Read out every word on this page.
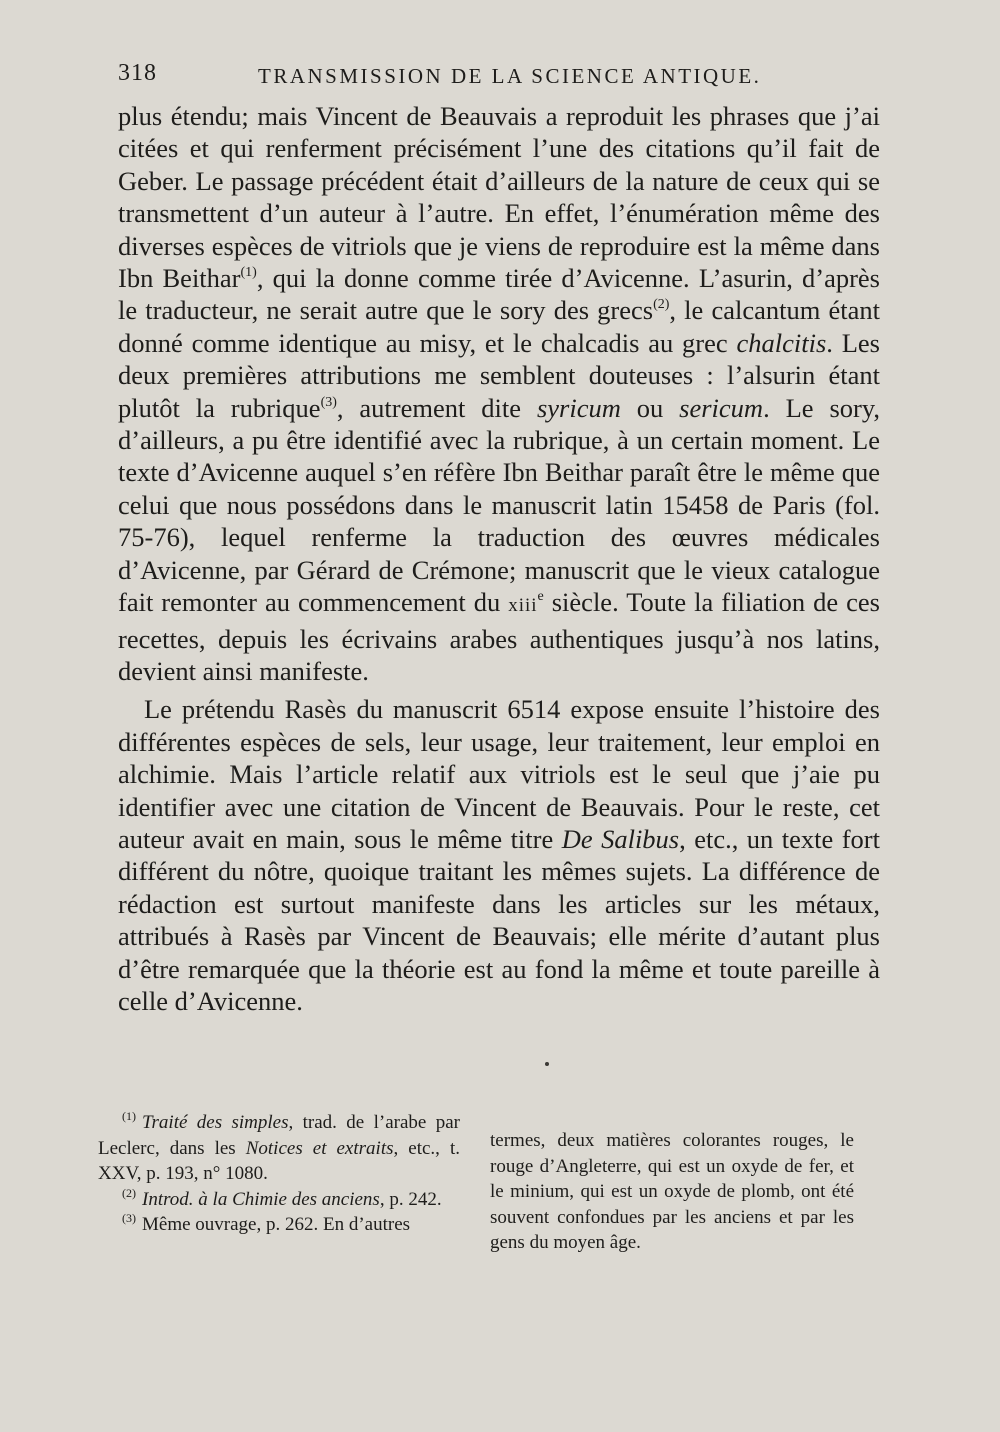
318	TRANSMISSION DE LA SCIENCE ANTIQUE.

plus étendu; mais Vincent de Beauvais a reproduit les phrases que j’ai citées et qui renferment précisément l’une des citations qu’il fait de Geber. Le passage précédent était d’ailleurs de la nature de ceux qui se transmettent d’un auteur à l’autre. En effet, l’énumération même des diverses espèces de vitriols que je viens de reproduire est la même dans Ibn Beithar$^{(1)}$, qui la donne comme tirée d’Avicenne. L’asurin, d’après le traducteur, ne serait autre que le sory des grecs$^{(2)}$, le calcantum étant donné comme identique au misy, et le chalcadis au grec chalcitis. Les deux premières attributions me semblent douteuses : l’alsurin étant plutôt la rubrique$^{(3)}$, autrement dite syricum ou sericum. Le sory, d’ailleurs, a pu être identifié avec la rubrique, à un certain moment. Le texte d’Avicenne auquel s’en réfère Ibn Beithar paraît être le même que celui que nous possédons dans le manuscrit latin 15458 de Paris (fol. 75-76), lequel renferme la traduction des œuvres médicales d’Avicenne, par Gérard de Crémone; manuscrit que le vieux catalogue fait remonter au commencement du xiii$^e$ siècle. Toute la filiation de ces recettes, depuis les écrivains arabes authentiques jusqu’à nos latins, devient ainsi manifeste.

Le prétendu Rasès du manuscrit 6514 expose ensuite l’histoire des différentes espèces de sels, leur usage, leur traitement, leur emploi en alchimie. Mais l’article relatif aux vitriols est le seul que j’aie pu identifier avec une citation de Vincent de Beauvais. Pour le reste, cet auteur avait en main, sous le même titre De Salibus, etc., un texte fort différent du nôtre, quoique traitant les mêmes sujets. La différence de rédaction est surtout manifeste dans les articles sur les métaux, attribués à Rasès par Vincent de Beauvais; elle mérite d’autant plus d’être remarquée que la théorie est au fond la même et toute pareille à celle d’Avicenne.

$^{(1)}$ Traité des simples, trad. de l’arabe par Leclerc, dans les Notices et extraits, etc., t. XXV, p. 193, n° 1080.

$^{(2)}$ Introd. à la Chimie des anciens, p. 242.

$^{(3)}$ Même ouvrage, p. 262. En d’autres

termes, deux matières colorantes rouges, le rouge d’Angleterre, qui est un oxyde de fer, et le minium, qui est un oxyde de plomb, ont été souvent confondues par les anciens et par les gens du moyen âge.
